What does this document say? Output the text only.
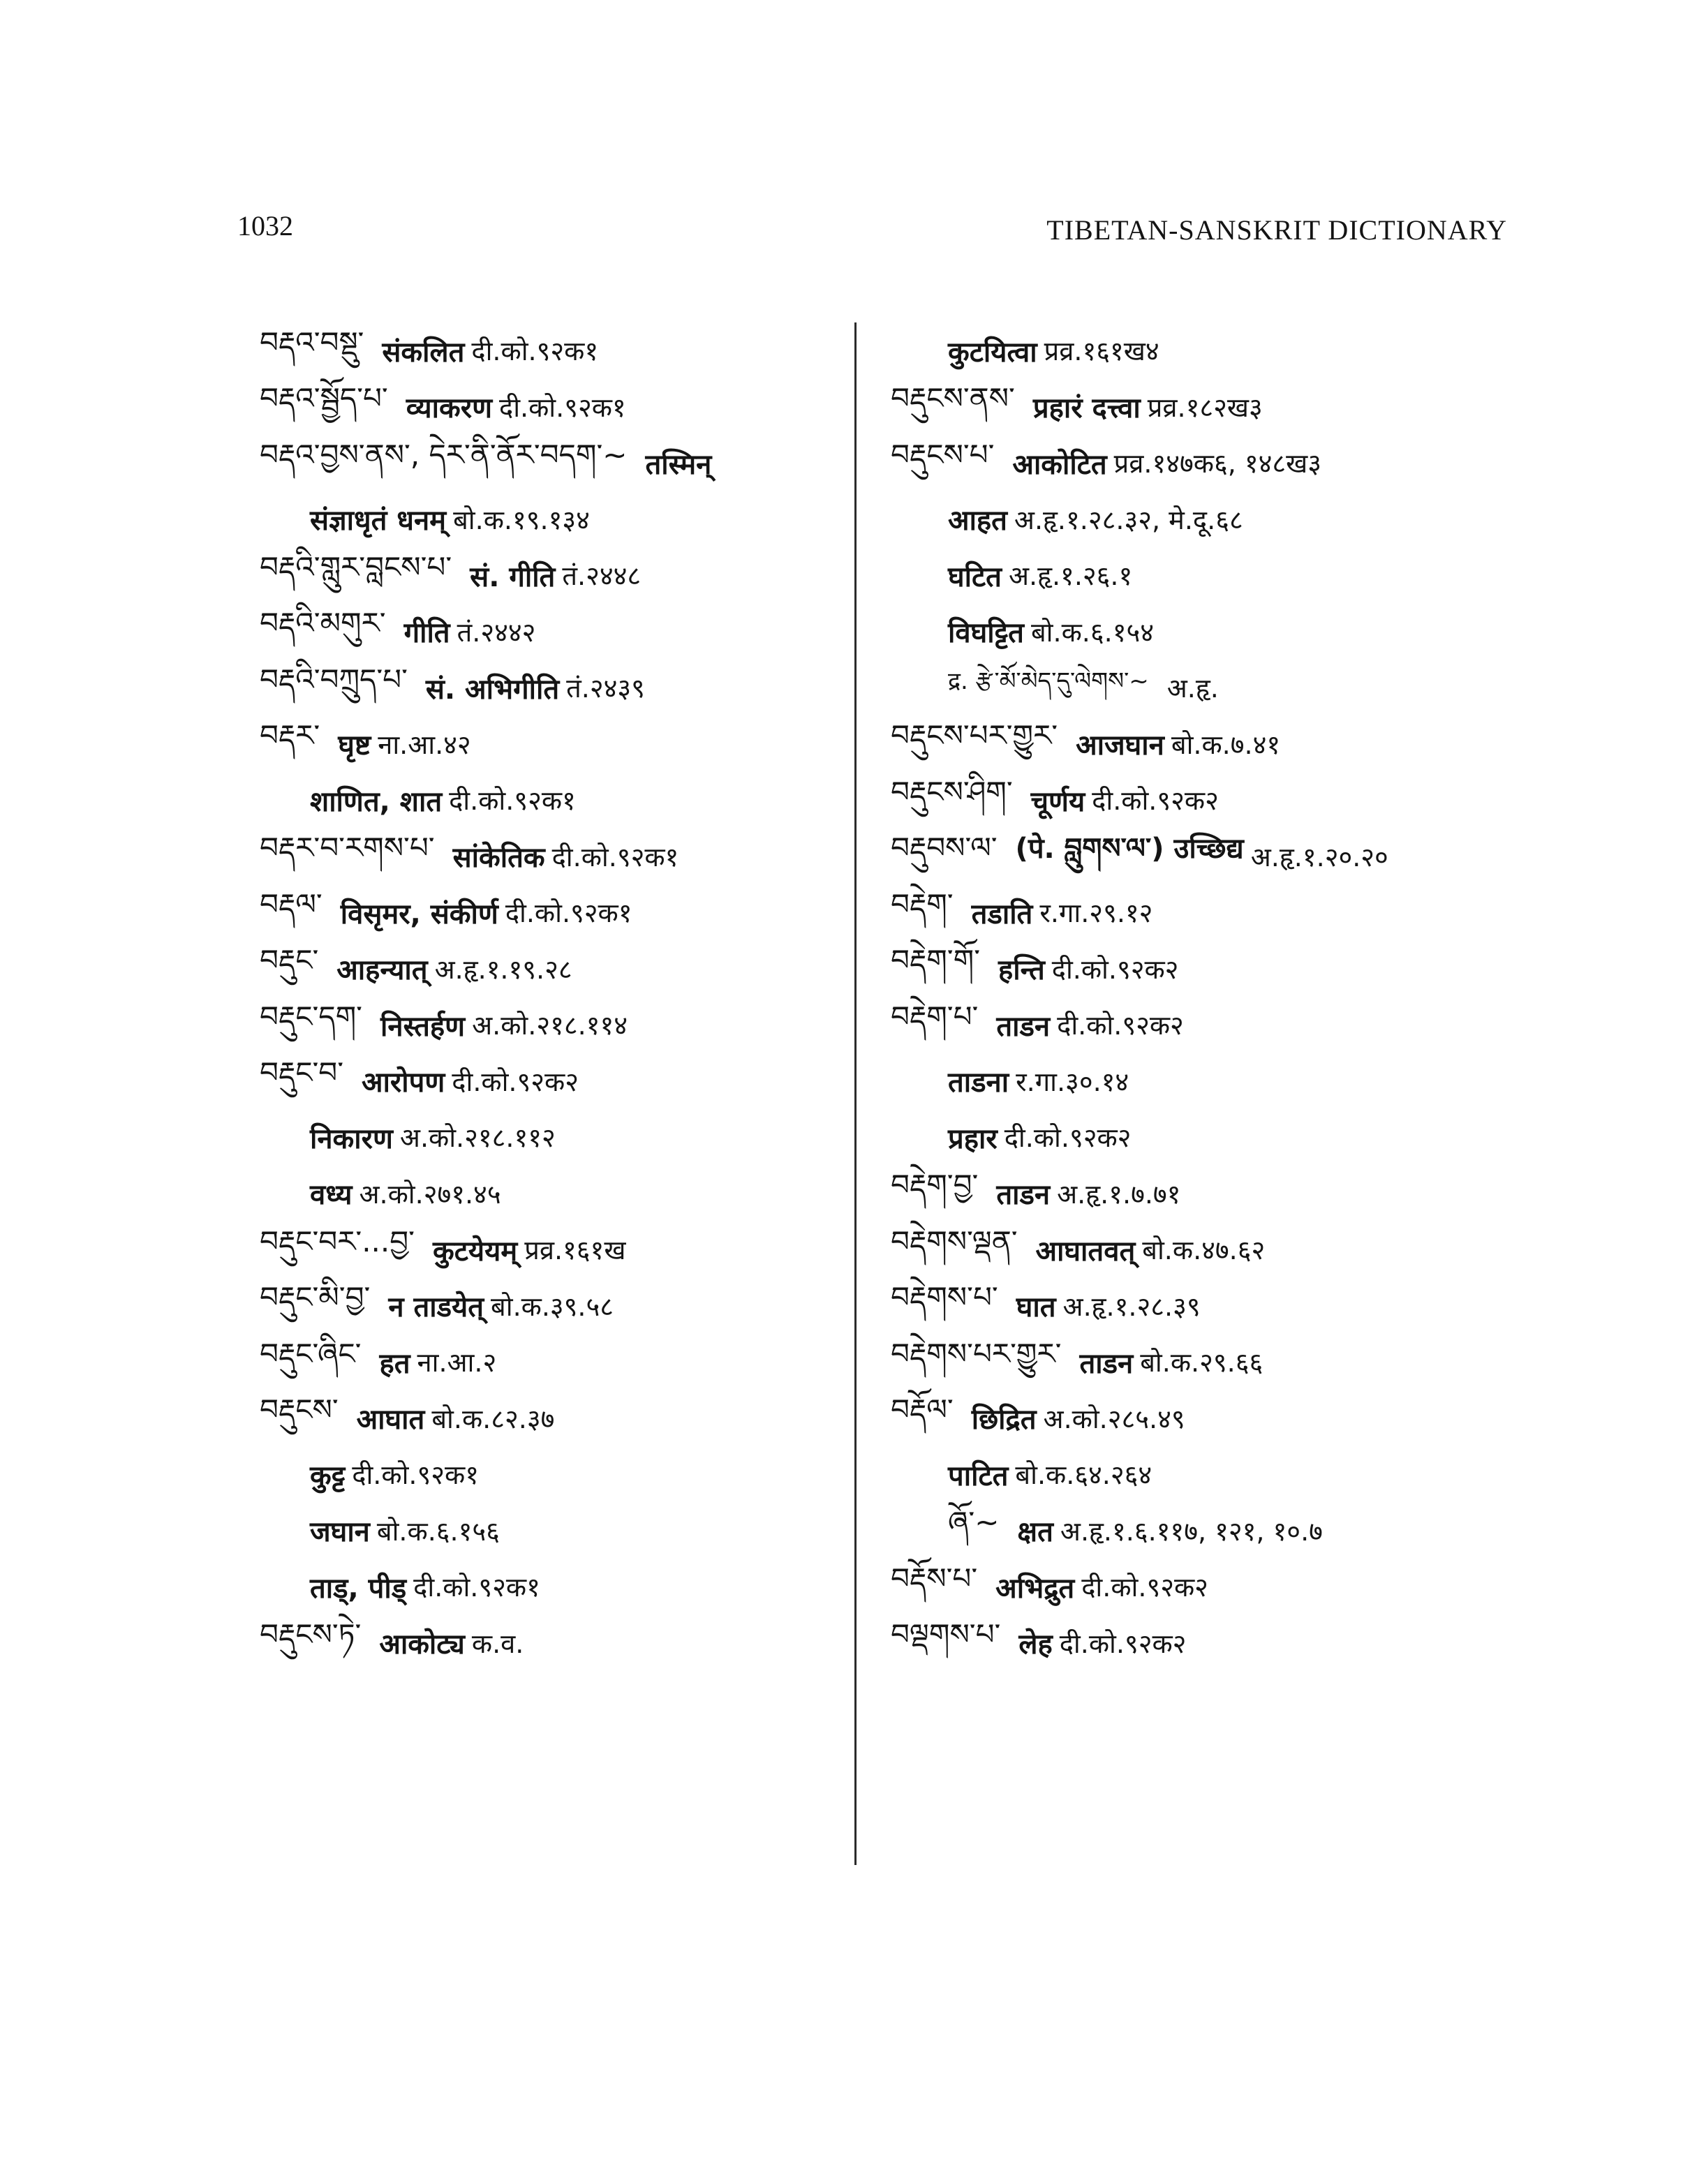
1032	TIBETAN-SANSKRIT DICTIONARY
བརྡའ་བསྡུ་ संकलित दी.को.९२क१
བརྡའ་སྦྱོད་པ་ व्याकरण दी.को.९२क१
བརྡའ་བྱས་ནས་, དེར་ནི་ནོར་བདག་~ तस्मिन्
संज्ञाधृतं धनम् बो.क.१९.१३४
བརྡའི་གླུར་བླངས་པ་ सं. गीति तं.२४४८
བརྡའི་མགུར་ गीति तं.२४४२
བརྡའི་བཀྲུད་པ་ सं. अभिगीति तं.२४३९
བརྡར་ घृष्ट ना.आ.४२
शाणित, शात दी.को.९२क१
བརྡར་བ་རགས་པ་ सांकेतिक दी.को.९२क१
བརྡལ་ विसृमर, संकीर्ण दी.को.९२क१
བརྡུང་ आहन्यात् अ.हृ.१.१९.२८
བརྡུང་དག་ निस्तर्हण अ.को.२१८.११४
བརྡུང་བ་ आरोपण दी.को.९२क२
निकारण अ.को.२१८.११२
वध्य अ.को.२७१.४५
བརྡུང་བར་...བྱ་ कुटयेयम् प्रव्र.१६१ख
བརྡུང་མི་བྱ་ न ताडयेत् बो.क.३९.५८
བརྡུང་ཞིང་ हत ना.आ.२
བརྡུངས་ आघात बो.क.८२.३७
कुट्ट दी.को.९२क१
जघान बो.क.६.१५६
ताड्, पीड् दी.को.९२क१
བརྡུངས་ཏེ་ आकोट्य क.व.
कुटयित्वा प्रव्र.१६१ख४
བརྡུངས་ནས་ प्रहारं दत्त्वा प्रव्र.१८२ख३
བརྡུངས་པ་ आकोटित प्रव्र.१४७क६, १४८ख३
आहत अ.हृ.१.२८.३२, मे.दू.६८
घटित अ.हृ.१.२६.१
विघट्टित बो.क.६.१५४
द्र. རྩེ་མོ་མེད་དུ་ལེགས་~ अ.हृ.
བརྡུངས་པར་གྱུར་ आजघान बो.क.७.४१
བརྡུངས་ཤིག་ चूर्णय दी.को.९२क२
བརྡུབས་ལ་ (पे. བླུགས་ལ་) उच्छिद्य अ.हृ.१.२०.२०
བརྡེག་ तडाति र.गा.२९.१२
བརྡེག་གོ་ हन्ति दी.को.९२क२
བརྡེག་པ་ ताडन दी.को.९२क२
ताडना र.गा.३०.१४
प्रहार दी.को.९२क२
བརྡེག་བྱ་ ताडन अ.हृ.१.७.७१
བརྡེགས་ལྡན་ आघातवत् बो.क.४७.६२
བརྡེགས་པ་ घात अ.हृ.१.२८.३९
བརྡེགས་པར་གྱུར་ ताडन बो.क.२९.६६
བརྡོལ་ छिद्रित अ.को.२८५.४९
पाटित बो.क.६४.२६४
ཞོ་~ क्षत अ.हृ.१.६.११७, १२१, १०.७
བརྡོས་པ་ अभिद्रुत दी.को.९२क२
བལྡགས་པ་ लेह दी.को.९२क२
